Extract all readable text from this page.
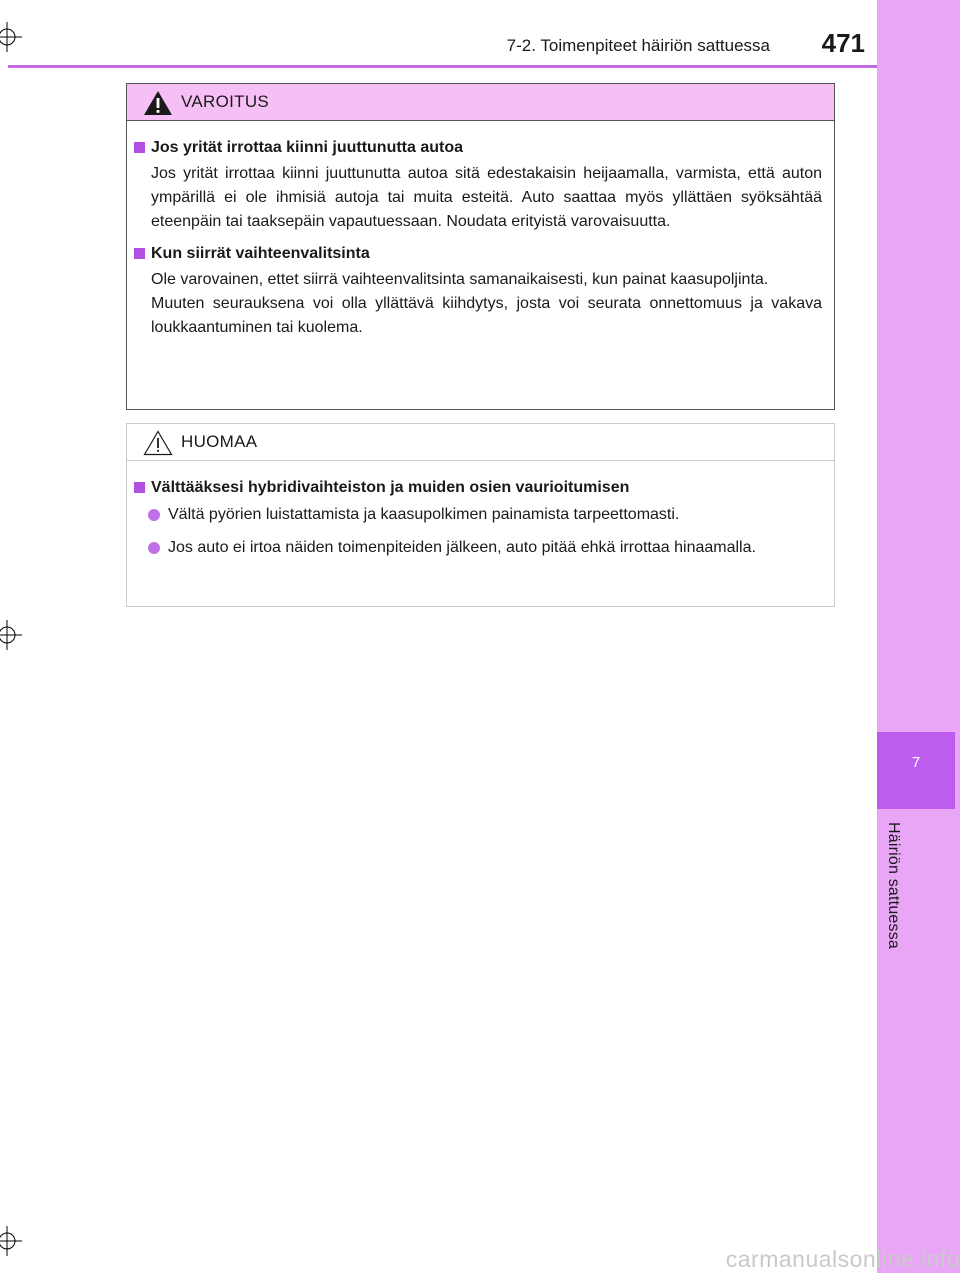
7
Häiriön sattuessa
7-2. Toimenpiteet häiriön sattuessa 471
VAROITUS
Jos yrität irrottaa kiinni juuttunutta autoa

Jos yrität irrottaa kiinni juuttunutta autoa sitä edestakaisin heijaamalla, varmista, että auton ympärillä ei ole ihmisiä autoja tai muita esteitä. Auto saattaa myös yllättäen syöksähtää eteenpäin tai taaksepäin vapautuessaan. Noudata erityistä varovaisuutta.

Kun siirrät vaihteenvalitsinta

Ole varovainen, ettet siirrä vaihteenvalitsinta samanaikaisesti, kun painat kaasupoljinta.

Muuten seurauksena voi olla yllättävä kiihdytys, josta voi seurata onnettomuus ja vakava loukkaantuminen tai kuolema.

HUOMAA
Välttääksesi hybridivaihteiston ja muiden osien vaurioitumisen
Vältä pyörien luistattamista ja kaasupolkimen painamista tarpeettomasti.
Jos auto ei irtoa näiden toimenpiteiden jälkeen, auto pitää ehkä irrottaa hinaamalla.
carmanualsonline.info
